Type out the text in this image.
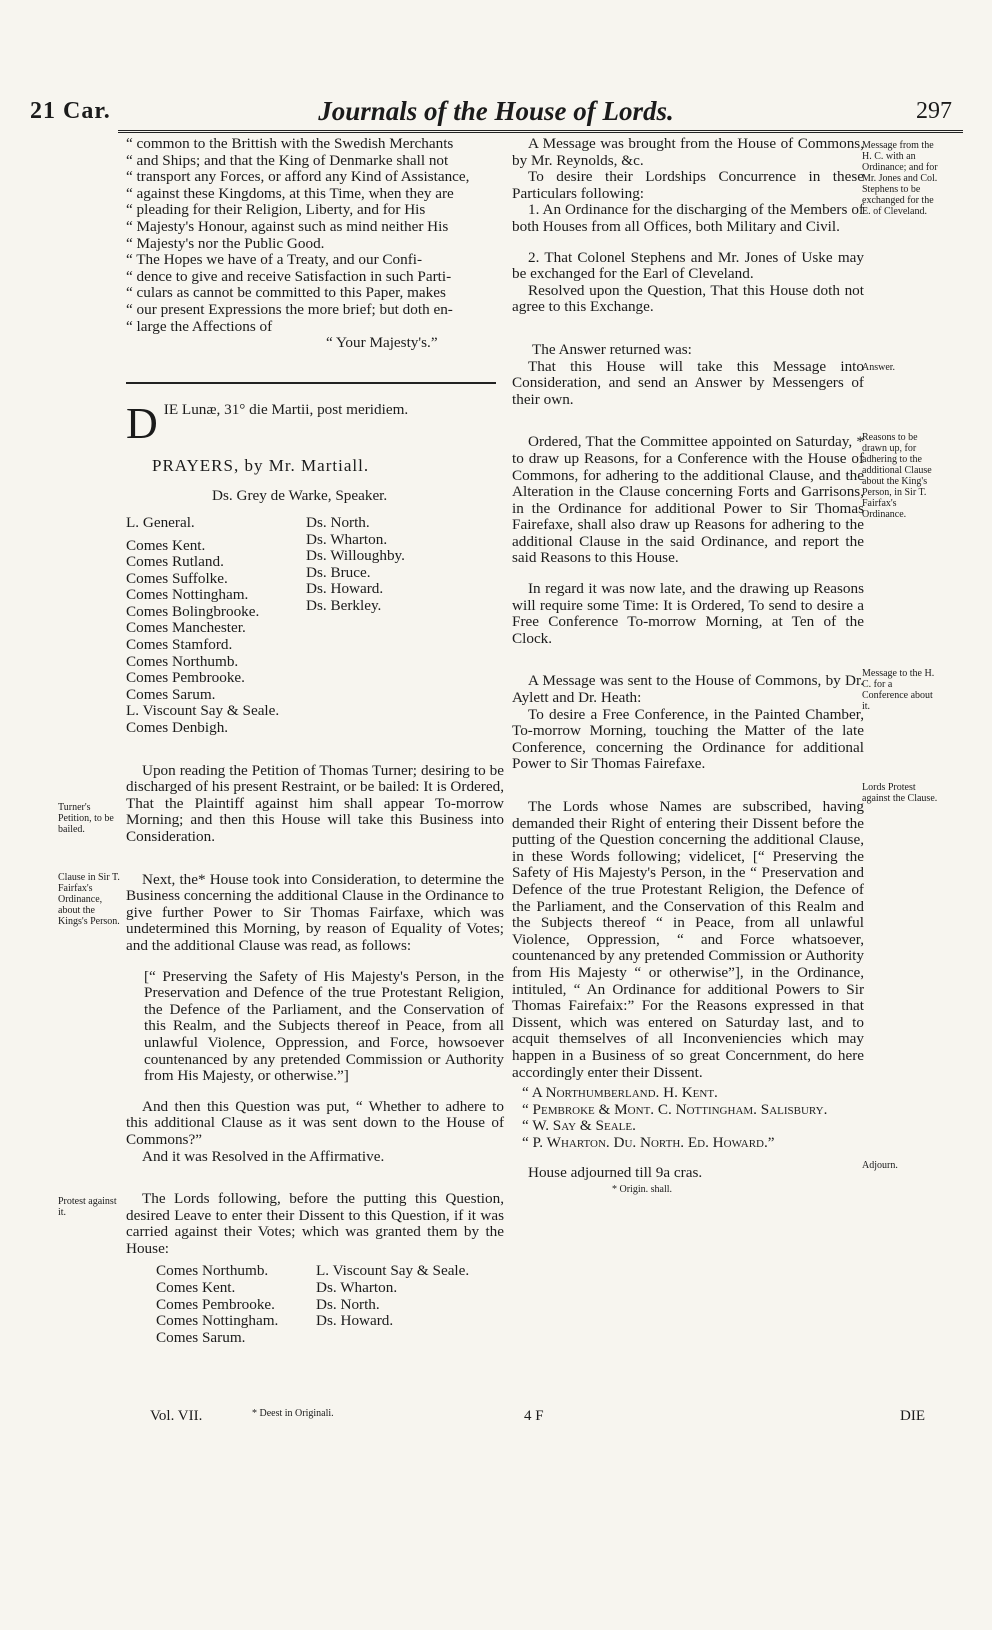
21 Car.	Journals of the House of Lords.	297

“ common to the Brittish with the Swedish Merchants

“ and Ships; and that the King of Denmarke shall not

“ transport any Forces, or afford any Kind of Assistance,

“ against these Kingdoms, at this Time, when they are

“ pleading for their Religion, Liberty, and for His

“ Majesty's Honour, against such as mind neither His

“ Majesty's nor the Public Good.

“ The Hopes we have of a Treaty, and our Confi-

“ dence to give and receive Satisfaction in such Parti-

“ culars as cannot be committed to this Paper, makes

“ our present Expressions the more brief; but doth en-

“ large the Affections of

“ Your Majesty's.”

D IE Lunæ, 31° die Martii, post meridiem.

PRAYERS, by Mr. Martiall.

Ds. Grey de Warke, Speaker.

L. General.
Comes Kent.
Comes Rutland.
Comes Suffolke.
Comes Nottingham.
Comes Bolingbrooke.
Comes Manchester.
Comes Stamford.
Comes Northumb.
Comes Pembrooke.
Comes Sarum.
L. Viscount Say & Seale.
Comes Denbigh.
Ds. North.
Ds. Wharton.
Ds. Willoughby.
Ds. Bruce.
Ds. Howard.
Ds. Berkley.

Upon reading the Petition of Thomas Turner; desiring to be discharged of his present Restraint, or be bailed: It is Ordered, That the Plaintiff against him shall appear To-morrow Morning; and then this House will take this Business into Consideration.

Next, the* House took into Consideration, to determine the Business concerning the additional Clause in the Ordinance to give further Power to Sir Thomas Fairfaxe, which was undetermined this Morning, by reason of Equality of Votes; and the additional Clause was read, as follows:

[“ Preserving the Safety of His Majesty's Person, in the Preservation and Defence of the true Protestant Religion, the Defence of the Parliament, and the Conservation of this Realm, and the Subjects thereof in Peace, from all unlawful Violence, Oppression, and Force, howsoever countenanced by any pretended Commission or Authority from His Majesty, or otherwise.”]

And then this Question was put, “ Whether to adhere to this additional Clause as it was sent down to the House of Commons?”

And it was Resolved in the Affirmative.

The Lords following, before the putting this Question, desired Leave to enter their Dissent to this Question, if it was carried against their Votes; which was granted them by the House:

Comes Northumb.
Comes Kent.
Comes Pembrooke.
Comes Nottingham.
Comes Sarum.
L. Viscount Say & Seale.
Ds. Wharton.
Ds. North.
Ds. Howard.

A Message was brought from the House of Commons, by Mr. Reynolds, &c.

To desire their Lordships Concurrence in these Particulars following:

1. An Ordinance for the discharging of the Members of both Houses from all Offices, both Military and Civil.

2. That Colonel Stephens and Mr. Jones of Uske may be exchanged for the Earl of Cleveland.

Resolved upon the Question, That this House doth not agree to this Exchange.

The Answer returned was:

That this House will take this Message into Consideration, and send an Answer by Messengers of their own.

Ordered, That the Committee appointed on Saturday, * to draw up Reasons, for a Conference with the House of Commons, for adhering to the additional Clause, and the Alteration in the Clause concerning Forts and Garrisons, in the Ordinance for additional Power to Sir Thomas Fairefaxe, shall also draw up Reasons for adhering to the additional Clause in the said Ordinance, and report the said Reasons to this House.

In regard it was now late, and the drawing up Reasons will require some Time: It is Ordered, To send to desire a Free Conference To-morrow Morning, at Ten of the Clock.

A Message was sent to the House of Commons, by Dr. Aylett and Dr. Heath:

To desire a Free Conference, in the Painted Chamber, To-morrow Morning, touching the Matter of the late Conference, concerning the Ordinance for additional Power to Sir Thomas Fairefaxe.

The Lords whose Names are subscribed, having demanded their Right of entering their Dissent before the putting of the Question concerning the additional Clause, in these Words following; videlicet, [“ Preserving the Safety of His Majesty's Person, in the “ Preservation and Defence of the true Protestant Religion, the Defence of the Parliament, and the Conservation of this Realm and the Subjects thereof “ in Peace, from all unlawful Violence, Oppression, “ and Force whatsoever, countenanced by any pretended Commission or Authority from His Majesty “ or otherwise”], in the Ordinance, intituled, “ An Ordinance for additional Powers to Sir Thomas Fairefaix:” For the Reasons expressed in that Dissent, which was entered on Saturday last, and to acquit themselves of all Inconveniencies which may happen in a Business of so great Concernment, do here accordingly enter their Dissent.

“ A Northumberland. H. Kent.
“ Pembroke & Mont. C. Nottingham. Salisbury.
“ W. Say & Seale.
“ P. Wharton. Du. North. Ed. Howard.”

House adjourned till 9a cras.

* Origin. shall.

Turner's Petition, to be bailed.
Clause in Sir T. Fairfax's Ordinance, about the Kings's Person.
Protest against it.
Message from the H. C. with an Ordinance; and for Mr. Jones and Col. Stephens to be exchanged for the E. of Cleveland.
Answer.
Reasons to be drawn up, for adhering to the additional Clause about the King's Person, in Sir T. Fairfax's Ordinance.
Message to the H. C. for a Conference about it.
Lords Protest against the Clause.
Adjourn.
Vol. VII.	* Deest in Originali.	4 F	DIE
